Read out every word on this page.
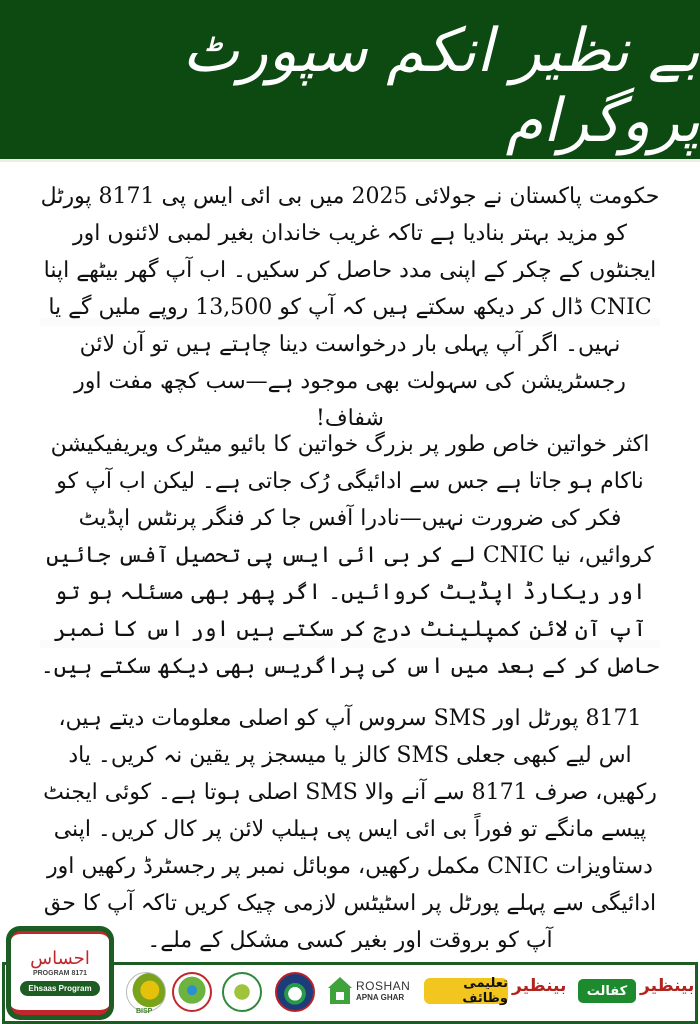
بے نظیر انکم سپورٹ پروگرام

حکومت پاکستان نے جولائی 2025 میں بی ائی ایس پی 8171 پورٹل کو مزید بہتر بنادیا ہے تاکہ غریب خاندان بغیر لمبی لائنوں اور ایجنٹوں کے چکر کے اپنی مدد حاصل کر سکیں۔ اب آپ گھر بیٹھے اپنا CNIC ڈال کر دیکھ سکتے ہیں کہ آپ کو 13,500 روپے ملیں گے یا نہیں۔ اگر آپ پہلی بار درخواست دینا چاہتے ہیں تو آن لائن رجسٹریشن کی سہولت بھی موجود ہے—سب کچھ مفت اور شفاف!

اکثر خواتین خاص طور پر بزرگ خواتین کا بائیو میٹرک ویریفیکیشن ناکام ہو جاتا ہے جس سے ادائیگی رُک جاتی ہے۔ لیکن اب آپ کو فکر کی ضرورت نہیں—نادرا آفس جا کر فنگر پرنٹس اپڈیٹ کروائیں، نیا CNIC لے کر بی ائی ایس پی تحصیل آفس جائیں اور ریکارڈ اپڈیٹ کروائیں۔ اگر پھر بھی مسئلہ ہو تو آپ آن لائن کمپلینٹ درج کر سکتے ہیں اور اس کا نمبر حاصل کر کے بعد میں اس کی پراگریس بھی دیکھ سکتے ہیں۔

8171 پورٹل اور SMS سروس آپ کو اصلی معلومات دیتے ہیں، اس لیے کبھی جعلی SMS کالز یا میسجز پر یقین نہ کریں۔ یاد رکھیں، صرف 8171 سے آنے والا SMS اصلی ہوتا ہے۔ کوئی ایجنٹ پیسے مانگے تو فوراً بی ائی ایس پی ہیلپ لائن پر کال کریں۔ اپنی دستاویزات CNIC مکمل رکھیں، موبائل نمبر پر رجسٹرڈ رکھیں اور ادائیگی سے پہلے پورٹل پر اسٹیٹس لازمی چیک کریں تاکہ آپ کا حق آپ کو بروقت اور بغیر کسی مشکل کے ملے۔

احساس
PROGRAM 8171
Ehsaas Program
BISP
ROSHAN
APNA GHAR
تعلیمی وظائف
بینظیر	کفالت بینظیر
